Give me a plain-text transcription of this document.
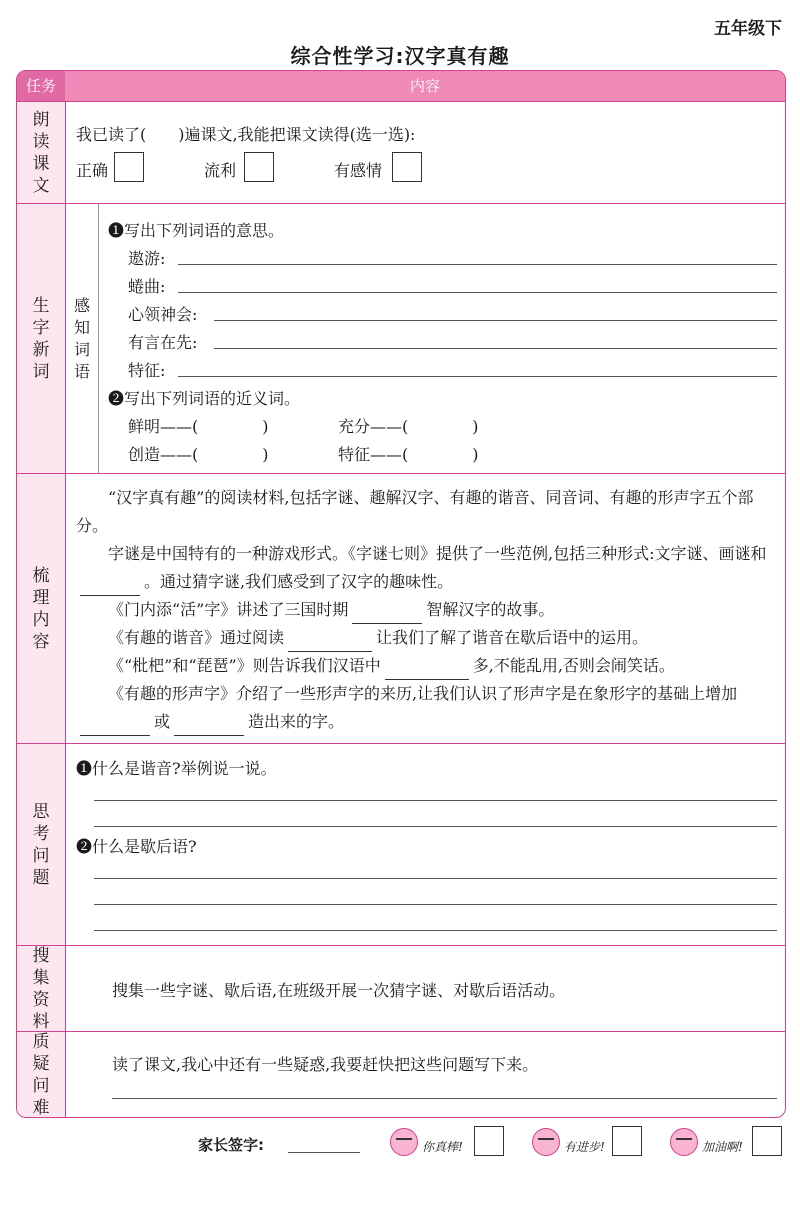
五年级下
综合性学习:汉字真有趣
任务	内容
朗读课文
我已读了(　　)遍课文,我能把课文读得(选一选):
正确	流利	有感情
生字新词
感知词语
❶写出下列词语的意思。
遨游:
蜷曲:
心领神会:
有言在先:
特征:
❷写出下列词语的近义词。
鲜明——(　　　　)	充分——(　　　　)
创造——(　　　　)	特征——(　　　　)
梳理内容
“汉字真有趣”的阅读材料,包括字谜、趣解汉字、有趣的谐音、同音词、有趣的形声字五个部分。
字谜是中国特有的一种游戏形式。《字谜七则》提供了一些范例,包括三种形式:文字谜、画谜和。通过猜字谜,我们感受到了汉字的趣味性。
《门内添“活”字》讲述了三国时期	智解汉字的故事。
《有趣的谐音》通过阅读	让我们了解了谐音在歇后语中的运用。
《“枇杷”和“琵琶”》则告诉我们汉语中	多,不能乱用,否则会闹笑话。
《有趣的形声字》介绍了一些形声字的来历,让我们认识了形声字是在象形字的基础上增加或	造出来的字。
思考问题
❶什么是谐音?举例说一说。
❷什么是歇后语?
搜集资料
搜集一些字谜、歇后语,在班级开展一次猜字谜、对歇后语活动。
质疑问难
读了课文,我心中还有一些疑惑,我要赶快把这些问题写下来。
家长签字:	你真棒!	有进步!	加油啊!
